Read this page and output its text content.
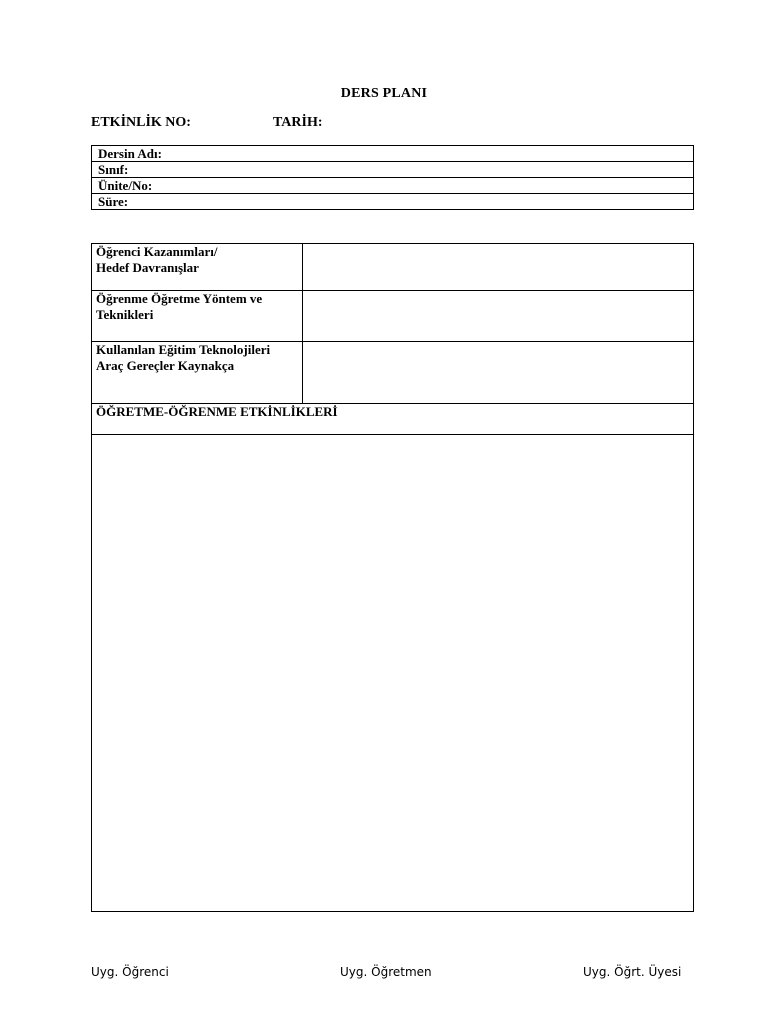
DERS PLANI
ETKİNLİK NO:	TARİH:
Dersin Adı:
Sınıf:
Ünite/No:
Süre:
Öğrenci Kazanımları/
Hedef Davranışlar	

Öğrenme Öğretme Yöntem ve
Teknikleri	

Kullanılan Eğitim Teknolojileri
Araç Gereçler Kaynakça	

ÖĞRETME-ÖĞRENME ETKİNLİKLERİ	

Uyg. Öğrenci	Uyg. Öğretmen	Uyg. Öğrt. Üyesi
